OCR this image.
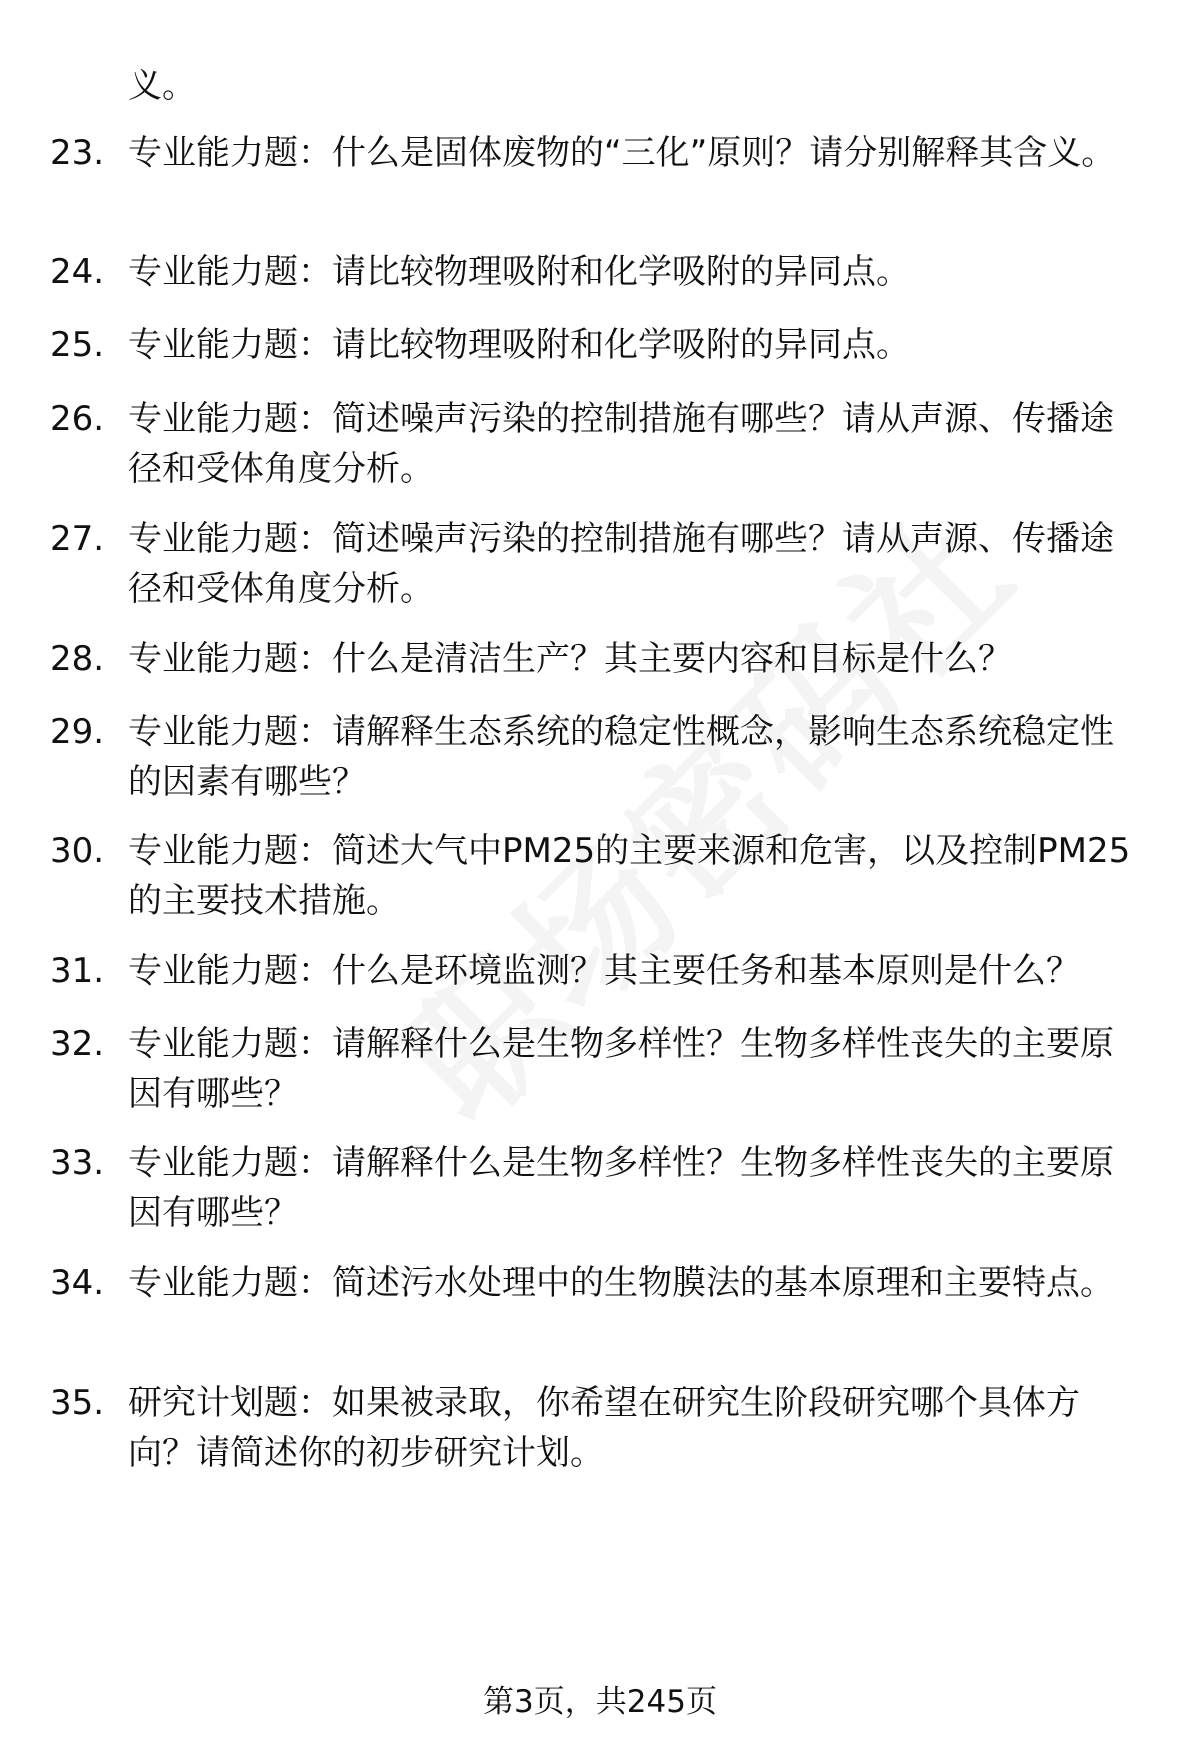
义。
23. 专业能力题：什么是固体废物的“三化”原则？请分别解释其含义。
24. 专业能力题：请比较物理吸附和化学吸附的异同点。
25. 专业能力题：请比较物理吸附和化学吸附的异同点。
26. 专业能力题：简述噪声污染的控制措施有哪些？请从声源、传播途径和受体角度分析。
27. 专业能力题：简述噪声污染的控制措施有哪些？请从声源、传播途径和受体角度分析。
28. 专业能力题：什么是清洁生产？其主要内容和目标是什么？
29. 专业能力题：请解释生态系统的稳定性概念，影响生态系统稳定性的因素有哪些？
30. 专业能力题：简述大气中PM25的主要来源和危害，以及控制PM25的主要技术措施。
31. 专业能力题：什么是环境监测？其主要任务和基本原则是什么？
32. 专业能力题：请解释什么是生物多样性？生物多样性丧失的主要原因有哪些？
33. 专业能力题：请解释什么是生物多样性？生物多样性丧失的主要原因有哪些？
34. 专业能力题：简述污水处理中的生物膜法的基本原理和主要特点。
35. 研究计划题：如果被录取，你希望在研究生阶段研究哪个具体方向？请简述你的初步研究计划。
第3页，共245页
